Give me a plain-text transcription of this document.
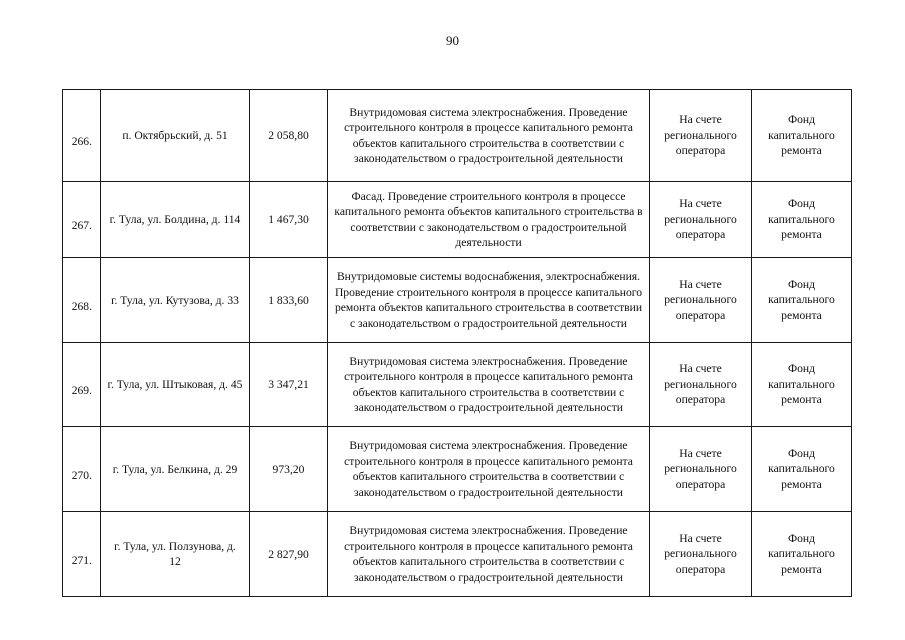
90
266.	п. Октябрьский, д. 51	2 058,80	Внутридомовая система электроснабжения. Проведение строительного контроля в процессе капитального ремонта объектов капитального строительства в соответствии с законодательством о градостроительной деятельности	На счете регионального оператора	Фонд капитального ремонта
267.	г. Тула, ул. Болдина, д. 114	1 467,30	Фасад. Проведение строительного контроля в процессе капитального ремонта объектов капитального строительства в соответствии с законодательством о градостроительной деятельности	На счете регионального оператора	Фонд капитального ремонта
268.	г. Тула, ул. Кутузова, д. 33	1 833,60	Внутридомовые системы водоснабжения, электроснабжения. Проведение строительного контроля в процессе капитального ремонта объектов капитального строительства в соответствии с законодательством о градостроительной деятельности	На счете регионального оператора	Фонд капитального ремонта
269.	г. Тула, ул. Штыковая, д. 45	3 347,21	Внутридомовая система электроснабжения. Проведение строительного контроля в процессе капитального ремонта объектов капитального строительства в соответствии с законодательством о градостроительной деятельности	На счете регионального оператора	Фонд капитального ремонта
270.	г. Тула, ул. Белкина, д. 29	973,20	Внутридомовая система электроснабжения. Проведение строительного контроля в процессе капитального ремонта объектов капитального строительства в соответствии с законодательством о градостроительной деятельности	На счете регионального оператора	Фонд капитального ремонта
271.	г. Тула, ул. Ползунова, д. 12	2 827,90	Внутридомовая система электроснабжения. Проведение строительного контроля в процессе капитального ремонта объектов капитального строительства в соответствии с законодательством о градостроительной деятельности	На счете регионального оператора	Фонд капитального ремонта
